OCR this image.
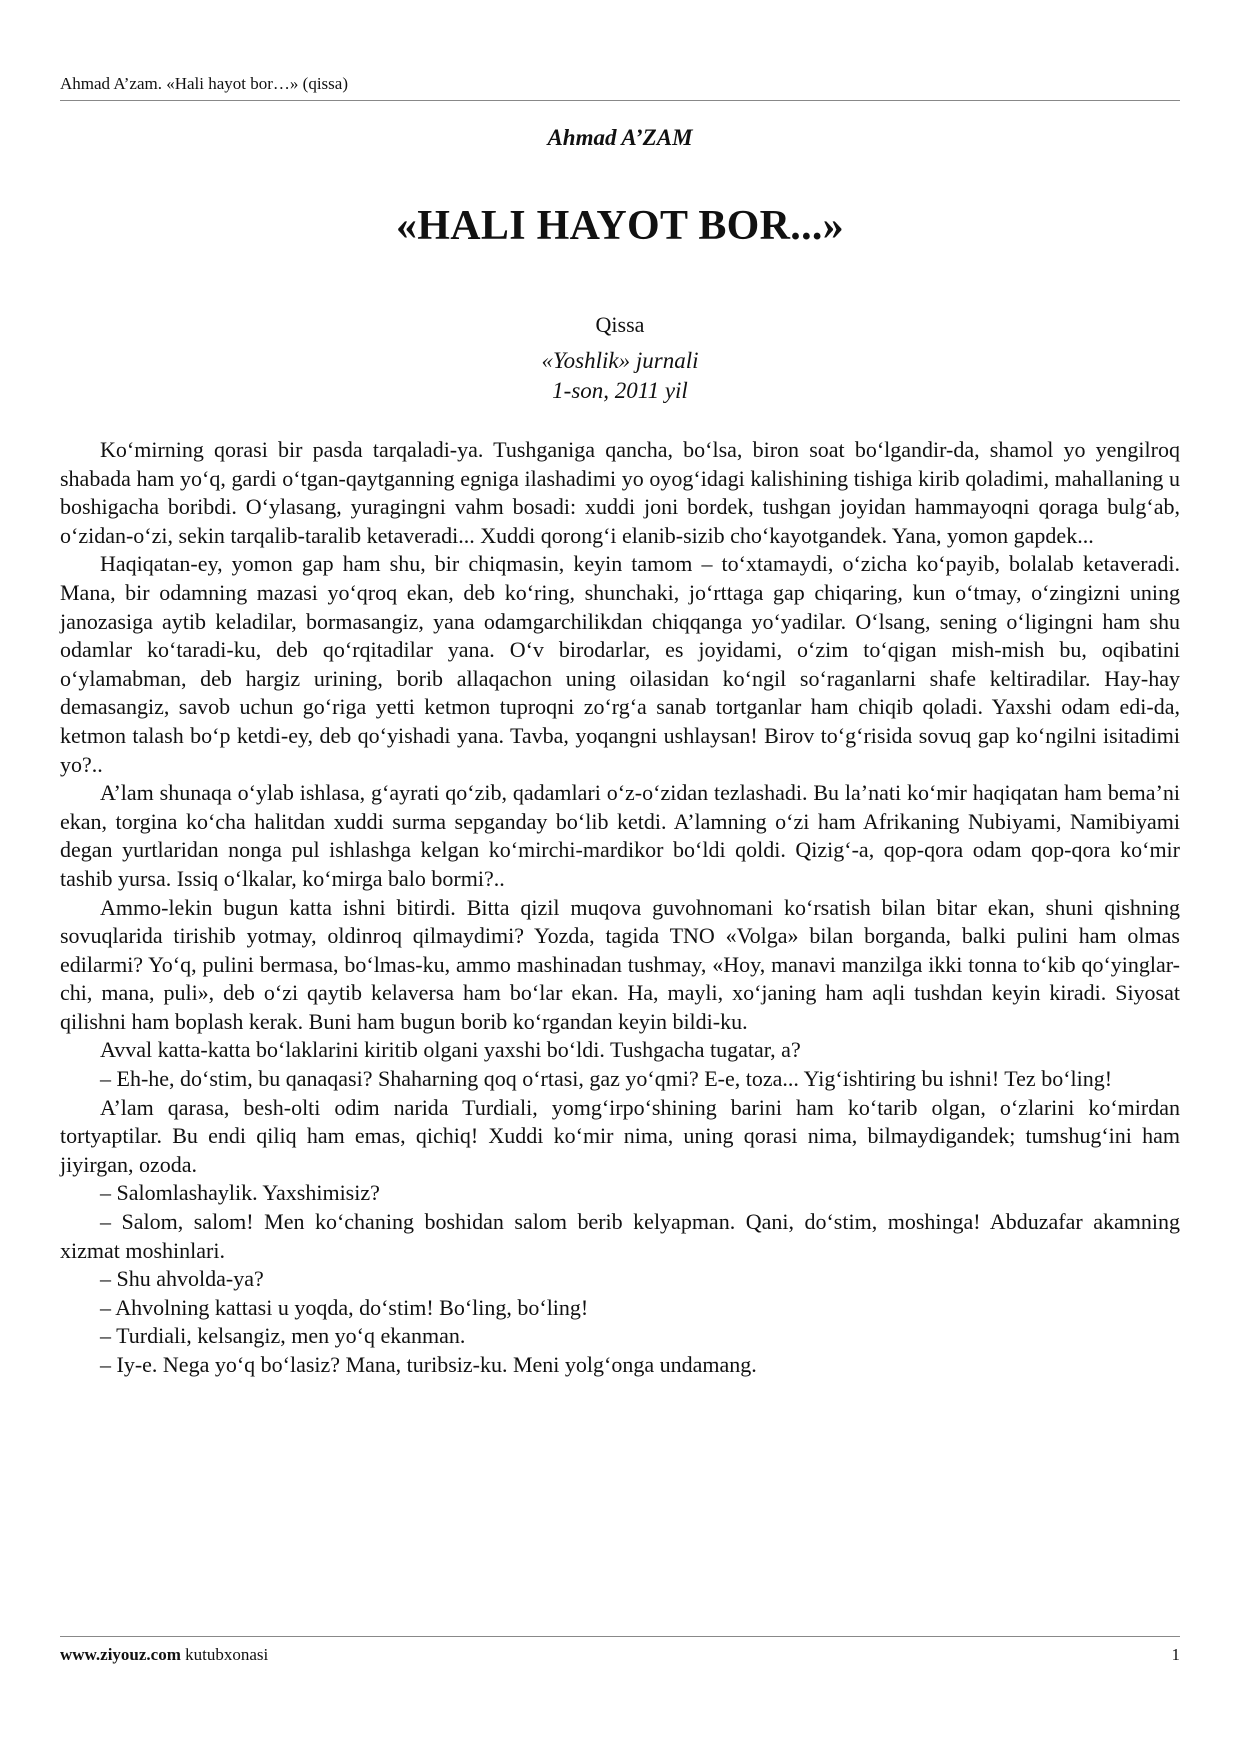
Ahmad A’zam. «Hali hayot bor…» (qissa)
Ahmad A’ZAM
«HALI HAYOT BOR...»
Qissa
«Yoshlik» jurnali
1-son, 2011 yil

Ko‘mirning qorasi bir pasda tarqaladi-ya. Tushganiga qancha, bo‘lsa, biron soat bo‘lgandir-da, shamol yo yengilroq shabada ham yo‘q, gardi o‘tgan-qaytganning egniga ilashadimi yo oyog‘idagi kalishining tishiga kirib qoladimi, mahallaning u boshigacha boribdi. O‘ylasang, yuragingni vahm bosadi: xuddi joni bordek, tushgan joyidan hammayoqni qoraga bulg‘ab, o‘zidan-o‘zi, sekin tarqalib-taralib ketaveradi... Xuddi qorong‘i elanib-sizib cho‘kayotgandek. Yana, yomon gapdek...

Haqiqatan-ey, yomon gap ham shu, bir chiqmasin, keyin tamom – to‘xtamaydi, o‘zicha ko‘payib, bolalab ketaveradi. Mana, bir odamning mazasi yo‘qroq ekan, deb ko‘ring, shunchaki, jo‘rttaga gap chiqaring, kun o‘tmay, o‘zingizni uning janozasiga aytib keladilar, bormasangiz, yana odamgarchilikdan chiqqanga yo‘yadilar. O‘lsang, sening o‘ligingni ham shu odamlar ko‘taradi-ku, deb qo‘rqitadilar yana. O‘v birodarlar, es joyidami, o‘zim to‘qigan mish-mish bu, oqibatini o‘ylamabman, deb hargiz urining, borib allaqachon uning oilasidan ko‘ngil so‘raganlarni shafe keltiradilar. Hay-hay demasangiz, savob uchun go‘riga yetti ketmon tuproqni zo‘rg‘a sanab tortganlar ham chiqib qoladi. Yaxshi odam edi-da, ketmon talash bo‘p ketdi-ey, deb qo‘yishadi yana. Tavba, yoqangni ushlaysan! Birov to‘g‘risida sovuq gap ko‘ngilni isitadimi yo?..

A’lam shunaqa o‘ylab ishlasa, g‘ayrati qo‘zib, qadamlari o‘z-o‘zidan tezlashadi. Bu la’nati ko‘mir haqiqatan ham bema’ni ekan, torgina ko‘cha halitdan xuddi surma sepganday bo‘lib ketdi. A’lamning o‘zi ham Afrikaning Nubiyami, Namibiyami degan yurtlaridan nonga pul ishlashga kelgan ko‘mirchi-mardikor bo‘ldi qoldi. Qizig‘-a, qop-qora odam qop-qora ko‘mir tashib yursa. Issiq o‘lkalar, ko‘mirga balo bormi?..

Ammo-lekin bugun katta ishni bitirdi. Bitta qizil muqova guvohnomani ko‘rsatish bilan bitar ekan, shuni qishning sovuqlarida tirishib yotmay, oldinroq qilmaydimi? Yozda, tagida TNO «Volga» bilan borganda, balki pulini ham olmas edilarmi? Yo‘q, pulini bermasa, bo‘lmas-ku, ammo mashinadan tushmay, «Hoy, manavi manzilga ikki tonna to‘kib qo‘yinglar-chi, mana, puli», deb o‘zi qaytib kelaversa ham bo‘lar ekan. Ha, mayli, xo‘janing ham aqli tushdan keyin kiradi. Siyosat qilishni ham boplash kerak. Buni ham bugun borib ko‘rgandan keyin bildi-ku.

Avval katta-katta bo‘laklarini kiritib olgani yaxshi bo‘ldi. Tushgacha tugatar, a?

– Eh-he, do‘stim, bu qanaqasi? Shaharning qoq o‘rtasi, gaz yo‘qmi? E-e, toza... Yig‘ishtiring bu ishni! Tez bo‘ling!

A’lam qarasa, besh-olti odim narida Turdiali, yomg‘irpo‘shining barini ham ko‘tarib olgan, o‘zlarini ko‘mirdan tortyaptilar. Bu endi qiliq ham emas, qichiq! Xuddi ko‘mir nima, uning qorasi nima, bilmaydigandek; tumshug‘ini ham jiyirgan, ozoda.

– Salomlashaylik. Yaxshimisiz?

– Salom, salom! Men ko‘chaning boshidan salom berib kelyapman. Qani, do‘stim, moshinga! Abduzafar akamning xizmat moshinlari.

– Shu ahvolda-ya?

– Ahvolning kattasi u yoqda, do‘stim! Bo‘ling, bo‘ling!

– Turdiali, kelsangiz, men yo‘q ekanman.

– Iy-e. Nega yo‘q bo‘lasiz? Mana, turibsiz-ku. Meni yolg‘onga undamang.

www.ziyouz.com kutubxonasi	1
